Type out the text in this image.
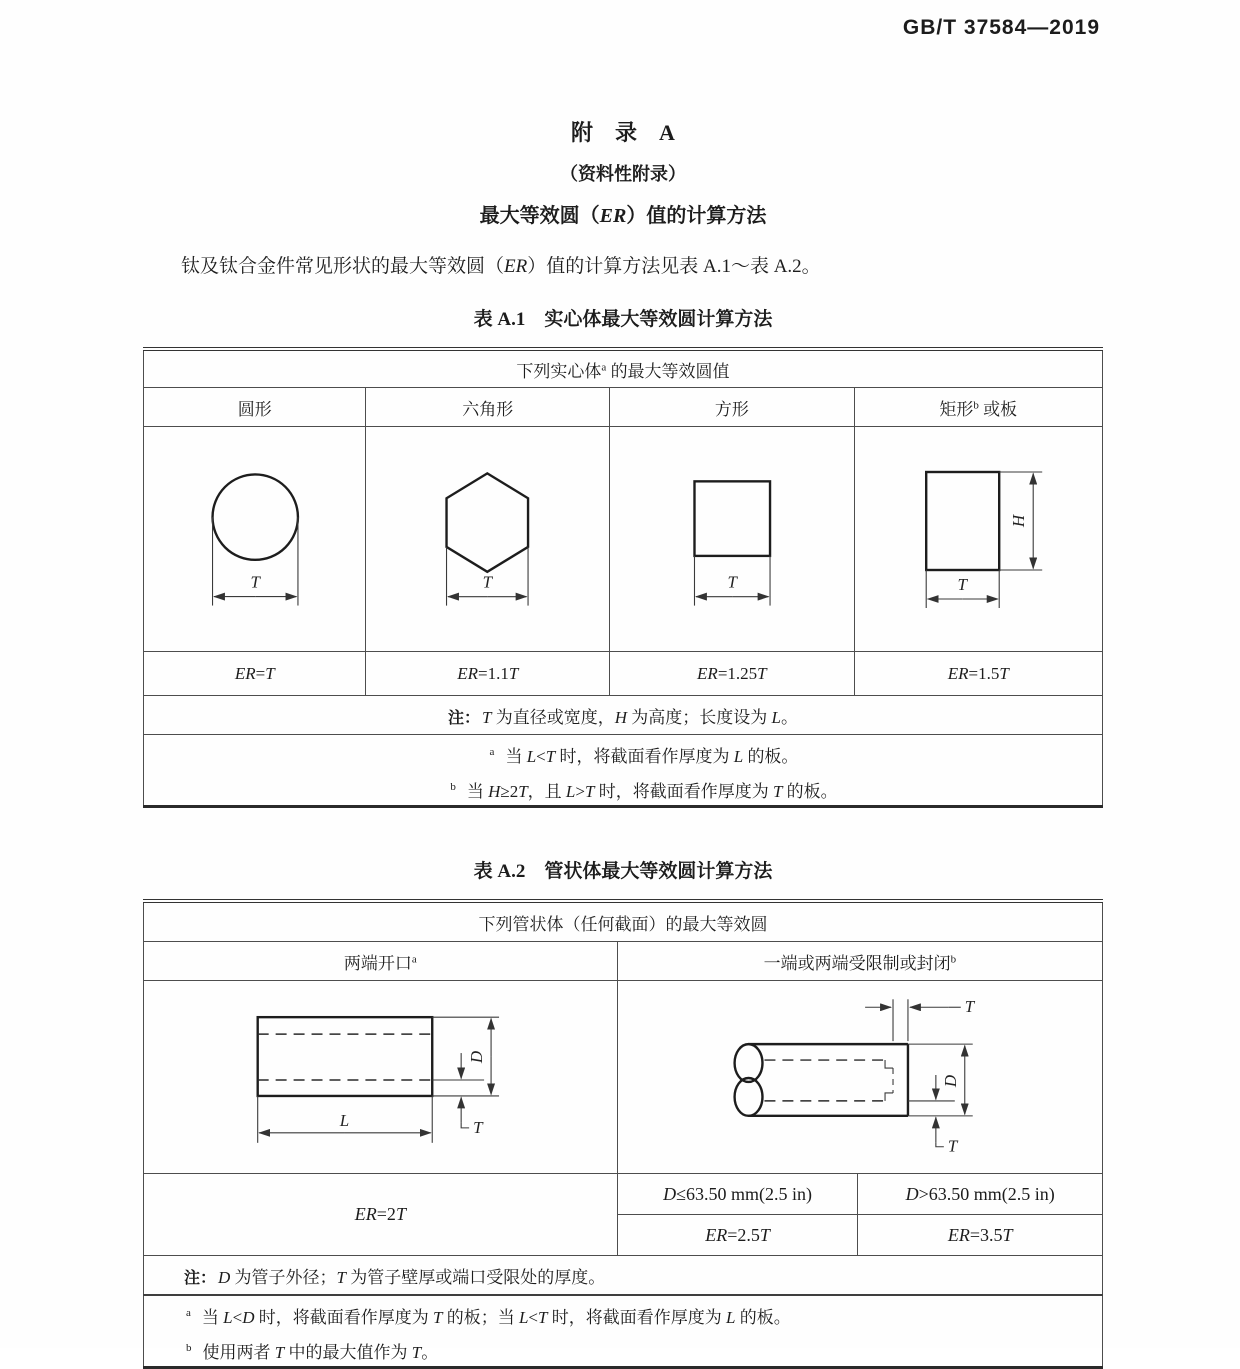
GB/T 37584—2019
附　录　A
（资料性附录）
最大等效圆（ER）值的计算方法

钛及钛合金件常见形状的最大等效圆（ER）值的计算方法见表 A.1～表 A.2。

表 A.1　实心体最大等效圆计算方法
下列实心体$^a$ 的最大等效圆值			
圆形	六角形	方形	矩形$^b$ 或板

T	T	T	T
H

ER=T	ER=1.1T	ER=1.25T	ER=1.5T
注： T 为直径或宽度，H 为高度；长度设为 L。			

$^a$ 当 L<T 时，将截面看作厚度为 L 的板。
$^b$ 当 H≥2T，且 L>T 时，将截面看作厚度为 T 的板。			
表 A.2　管状体最大等效圆计算方法
下列管状体（任何截面）的最大等效圆		
两端开口$^a$	一端或两端受限制或封闭$^b$

D
T
L	T
D
T	

ER=2T	D≤63.50 mm(2.5 in)	D>63.50 mm(2.5 in)
	ER=2.5T	ER=3.5T
注： D 为管子外径；T 为管子壁厚或端口受限处的厚度。		

$^a$ 当 L<D 时，将截面看作厚度为 T 的板；当 L<T 时，将截面看作厚度为 L 的板。
$^b$ 使用两者 T 中的最大值作为 T。		
